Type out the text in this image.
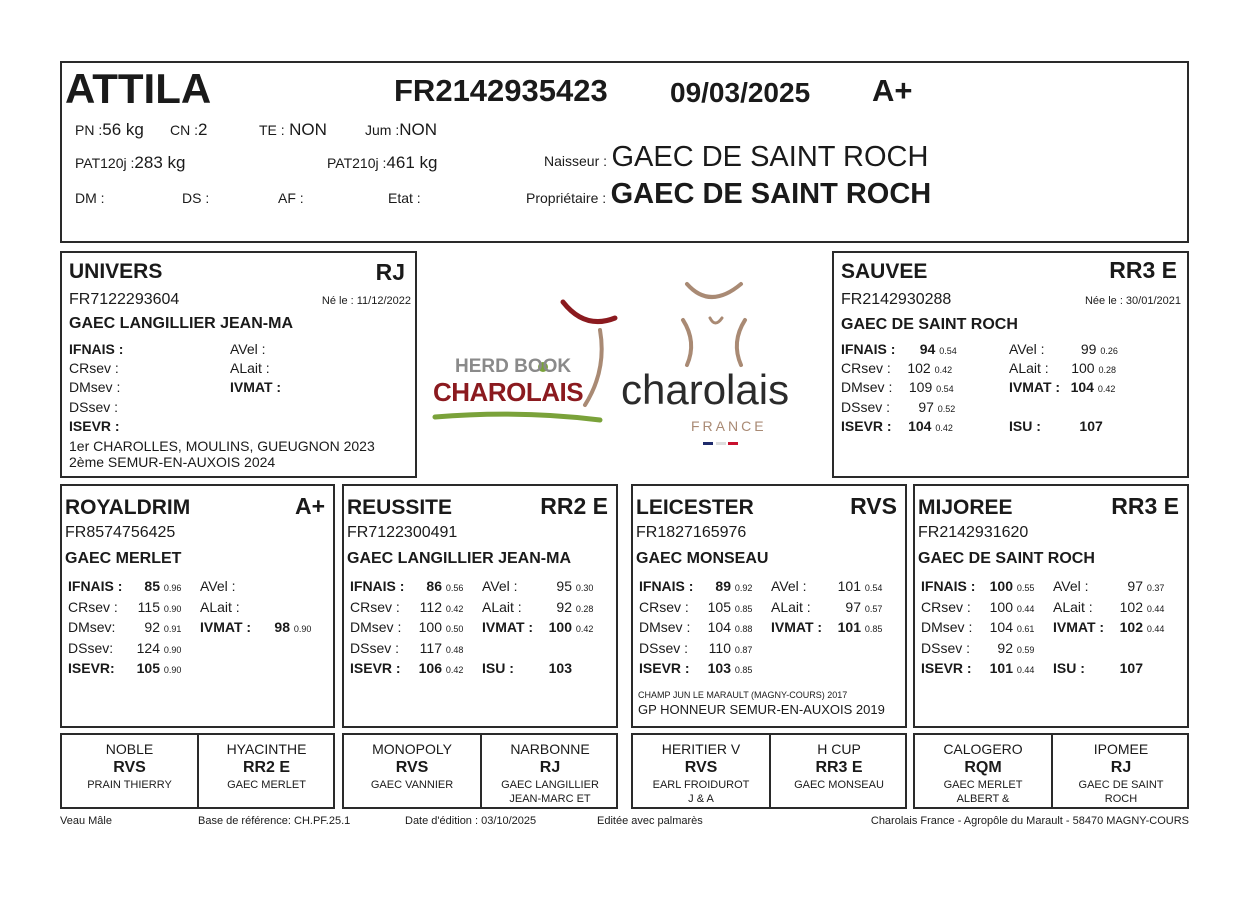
ATTILA	FR2142935423 09/03/2025 A+
PN :56 kg CN :2	TE : NON	Jum :NON
PAT120j :283 kg	PAT210j :461 kg
DM :	DS :	AF :	Etat :
Naisseur : GAEC DE SAINT ROCH
Propriétaire : GAEC DE SAINT ROCH
UNIVERS	RJ
FR7122293604	Né le : 11/12/2022
GAEC LANGILLIER JEAN-MA
IFNAIS :
CRsev :
DMsev :
DSsev :
ISEVR :
AVel :
ALait :
IVMAT :
1er CHAROLLES, MOULINS, GUEUGNON 2023
2ème SEMUR-EN-AUXOIS 2024
HERD BOOK
CHAROLAIS charolais
FRANCE
SAUVEE	RR3 E
FR2142930288	Née le : 30/01/2021
GAEC DE SAINT ROCH
IFNAIS : 94 0.54
CRsev : 102 0.42
DMsev : 109 0.54
DSsev : 97 0.52
ISEVR : 104 0.42
AVel :	99 0.26
ALait : 100 0.28
IVMAT : 104 0.42
ISU :	107
ROYALDRIM	A+
FR8574756425
GAEC MERLET
IFNAIS : 85 0.96
CRsev : 115 0.90
DMsev: 92 0.91
DSsev: 124 0.90
ISEVR: 105 0.90
AVel :
ALait :
IVMAT : 98 0.90
REUSSITE	RR2 E
FR7122300491
GAEC LANGILLIER JEAN-MA
IFNAIS : 86 0.56
CRsev : 112 0.42
DMsev : 100 0.50
DSsev : 117 0.48
ISEVR : 106 0.42
AVel :	95 0.30
ALait : 92 0.28
IVMAT : 100 0.42
ISU : 103
LEICESTER	RVS
FR1827165976
GAEC MONSEAU
IFNAIS : 89 0.92
CRsev : 105 0.85
DMsev : 104 0.88
DSsev : 110 0.87
ISEVR : 103 0.85
AVel : 101 0.54
ALait : 97 0.57
IVMAT : 101 0.85
CHAMP JUN LE MARAULT (MAGNY-COURS) 2017
GP HONNEUR SEMUR-EN-AUXOIS 2019
MIJOREE	RR3 E
FR2142931620
GAEC DE SAINT ROCH
IFNAIS : 100 0.55
CRsev : 100 0.44
DMsev : 104 0.61
DSsev : 92 0.59
ISEVR : 101 0.44
AVel :	97 0.37
ALait : 102 0.44
IVMAT : 102 0.44
ISU : 107
NOBLE
RVS
PRAIN THIERRY
HYACINTHE
RR2 E
GAEC MERLET
MONOPOLY
RVS
GAEC VANNIER
NARBONNE
RJ
GAEC LANGILLIER
JEAN-MARC ET
HERITIER V
RVS
EARL FROIDUROT
J & A
H CUP
RR3 E
GAEC MONSEAU
CALOGERO
RQM
GAEC MERLET
ALBERT &
IPOMEE
RJ
GAEC DE SAINT
ROCH
Veau Mâle	Base de référence: CH.PF.25.1	Date d'édition : 03/10/2025	Editée avec palmarès	Charolais France - Agropôle du Marault - 58470 MAGNY-COURS
